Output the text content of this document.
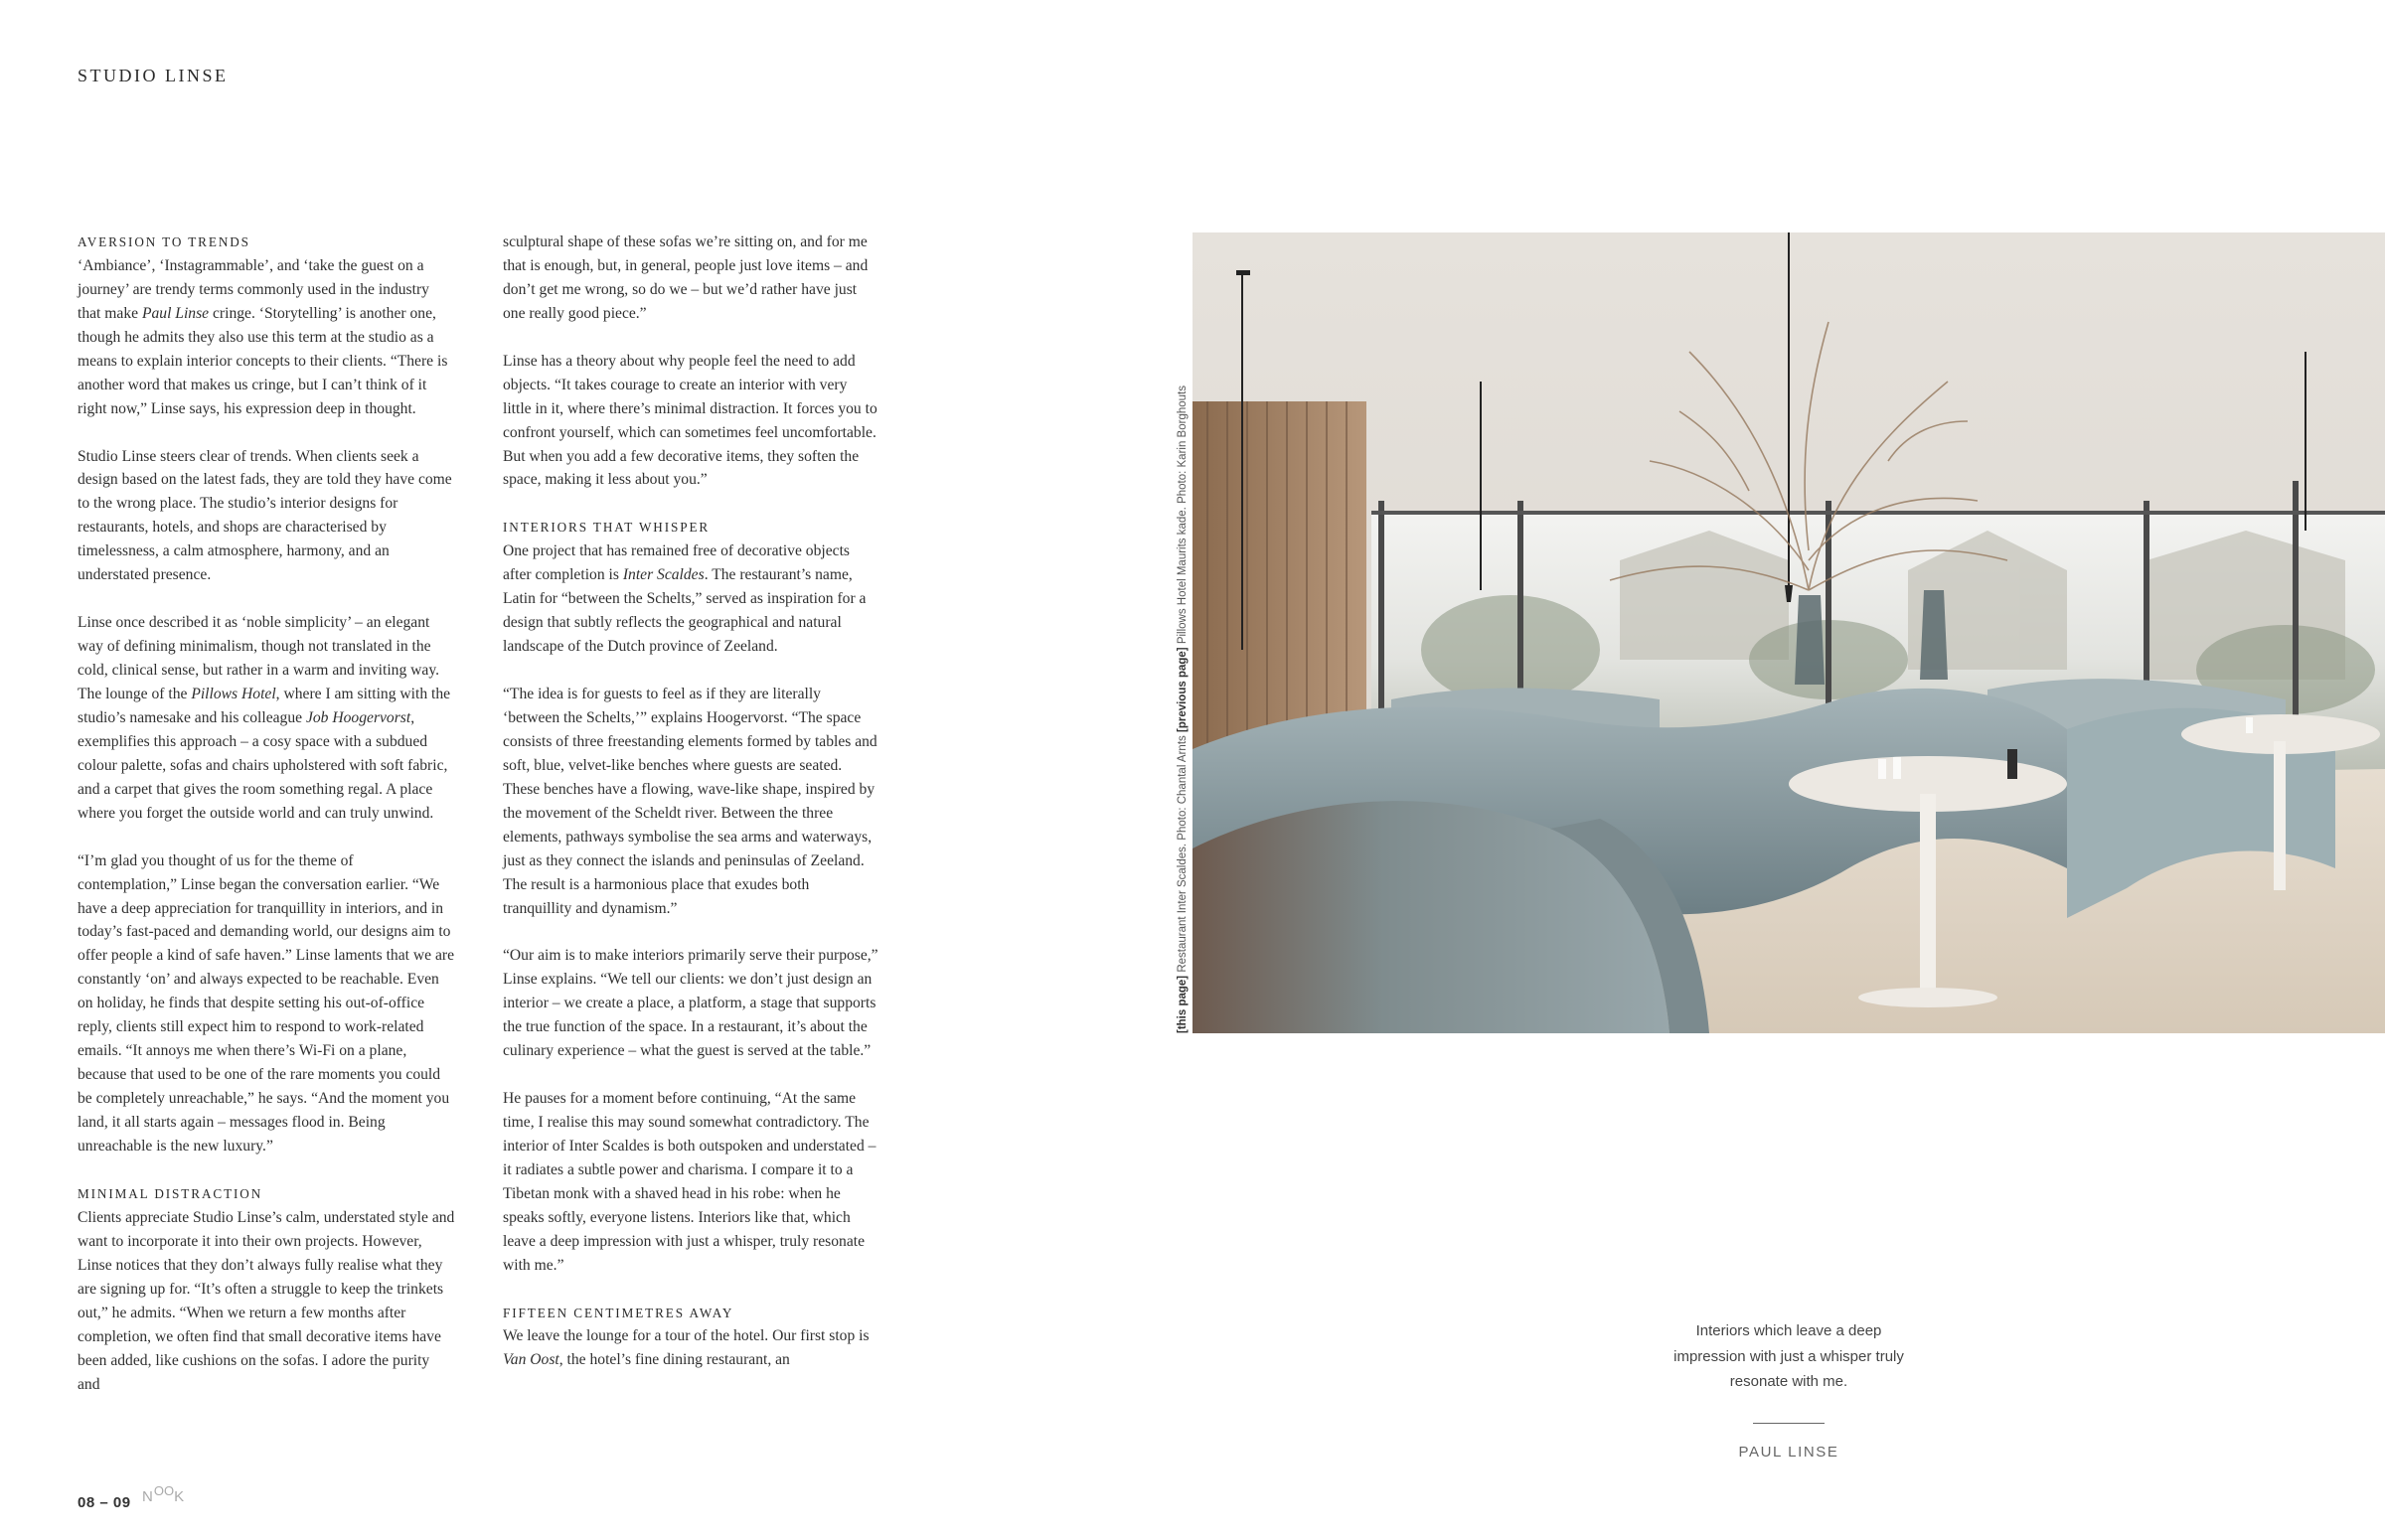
STUDIO LINSE
AVERSION TO TRENDS

‘Ambiance’, ‘Instagrammable’, and ‘take the guest on a journey’ are trendy terms commonly used in the industry that make Paul Linse cringe. ‘Storytelling’ is another one, though he admits they also use this term at the studio as a means to explain interior concepts to their clients. “There is another word that makes us cringe, but I can’t think of it right now,” Linse says, his expression deep in thought.

Studio Linse steers clear of trends. When clients seek a design based on the latest fads, they are told they have come to the wrong place. The studio’s interior designs for restaurants, hotels, and shops are characterised by timelessness, a calm atmosphere, harmony, and an understated presence.

Linse once described it as ‘noble simplicity’ – an elegant way of defining minimalism, though not translated in the cold, clinical sense, but rather in a warm and inviting way. The lounge of the Pillows Hotel, where I am sitting with the studio’s namesake and his colleague Job Hoogervorst, exemplifies this approach – a cosy space with a subdued colour palette, sofas and chairs upholstered with soft fabric, and a carpet that gives the room something regal. A place where you forget the outside world and can truly unwind.

“I’m glad you thought of us for the theme of contemplation,” Linse began the conversation earlier. “We have a deep appreciation for tranquillity in interiors, and in today’s fast-paced and demanding world, our designs aim to offer people a kind of safe haven.” Linse laments that we are constantly ‘on’ and always expected to be reachable. Even on holiday, he finds that despite setting his out-of-office reply, clients still expect him to respond to work-related emails. “It annoys me when there’s Wi-Fi on a plane, because that used to be one of the rare moments you could be completely unreachable,” he says. “And the moment you land, it all starts again – messages flood in. Being unreachable is the new luxury.”

MINIMAL DISTRACTION

Clients appreciate Studio Linse’s calm, understated style and want to incorporate it into their own projects. However, Linse notices that they don’t always fully realise what they are signing up for. “It’s often a struggle to keep the trinkets out,” he admits. “When we return a few months after completion, we often find that small decorative items have been added, like cushions on the sofas. I adore the purity and

sculptural shape of these sofas we’re sitting on, and for me that is enough, but, in general, people just love items – and don’t get me wrong, so do we – but we’d rather have just one really good piece.”

Linse has a theory about why people feel the need to add objects. “It takes courage to create an interior with very little in it, where there’s minimal distraction. It forces you to confront yourself, which can sometimes feel uncomfortable. But when you add a few decorative items, they soften the space, making it less about you.”

INTERIORS THAT WHISPER

One project that has remained free of decorative objects after completion is Inter Scaldes. The restaurant’s name, Latin for “between the Schelts,” served as inspiration for a design that subtly reflects the geographical and natural landscape of the Dutch province of Zeeland.

“The idea is for guests to feel as if they are literally ‘between the Schelts,’” explains Hoogervorst. “The space consists of three freestanding elements formed by tables and soft, blue, velvet-like benches where guests are seated. These benches have a flowing, wave-like shape, inspired by the movement of the Scheldt river. Between the three elements, pathways symbolise the sea arms and waterways, just as they connect the islands and peninsulas of Zeeland. The result is a harmonious place that exudes both tranquillity and dynamism.”

“Our aim is to make interiors primarily serve their purpose,” Linse explains. “We tell our clients: we don’t just design an interior – we create a place, a platform, a stage that supports the true function of the space. In a restaurant, it’s about the culinary experience – what the guest is served at the table.”

He pauses for a moment before continuing, “At the same time, I realise this may sound somewhat contradictory. The interior of Inter Scaldes is both outspoken and understated – it radiates a subtle power and charisma. I compare it to a Tibetan monk with a shaved head in his robe: when he speaks softly, everyone listens. Interiors like that, which leave a deep impression with just a whisper, truly resonate with me.”

FIFTEEN CENTIMETRES AWAY

We leave the lounge for a tour of the hotel. Our first stop is Van Oost, the hotel’s fine dining restaurant, an

[this page] Restaurant Inter Scaldes. Photo: Chantal Arnts [previous page] Pillows Hotel Maurits kade. Photo: Karin Borghouts
Interiors which leave a deep impression with just a whisper truly resonate with me.
PAUL LINSE
08 – 09 NOOK
